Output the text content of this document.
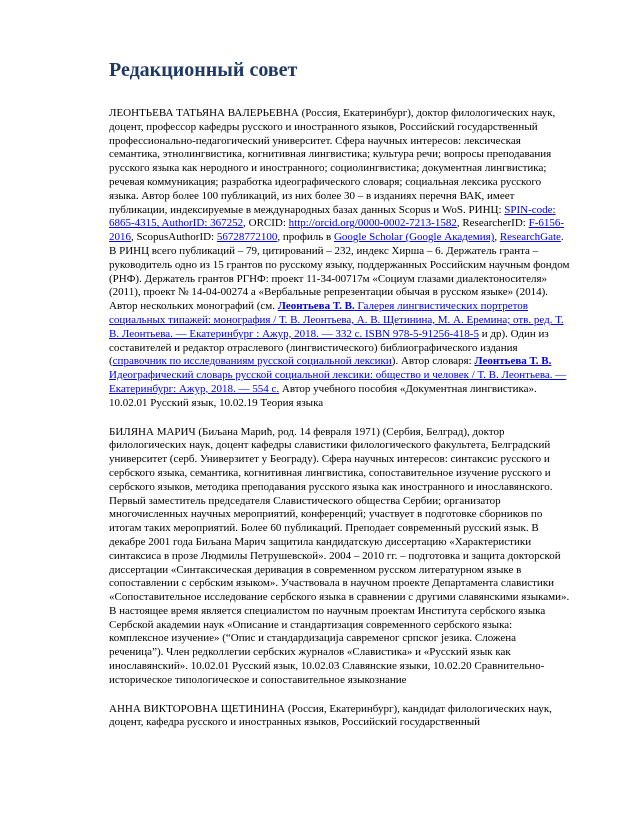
Редакционный совет

ЛЕОНТЬЕВА ТАТЬЯНА ВАЛЕРЬЕВНА (Россия, Екатеринбург), доктор филологических наук, доцент, профессор кафедры русского и иностранного языков, Российский государственный профессионально-педагогический университет. Сфера научных интересов: лексическая семантика, этнолингвистика, когнитивная лингвистика; культура речи; вопросы преподавания русского языка как неродного и иностранного; социолингвистика; документная лингвистика; речевая коммуникация; разработка идеографического словаря; социальная лексика русского языка. Автор более 100 публикаций, из них более 30 – в изданиях перечня ВАК, имеет публикации, индексируемые в международных базах данных Scopus и WoS. РИНЦ: SPIN-code: 6865-4315, AuthorID: 367252, ORCID: http://orcid.org/0000-0002-7213-1582, ResearcherID: F-6156-2016, ScopusAuthorID: 56728772100, профиль в Google Scholar (Google Академия), ResearchGate. В РИНЦ всего публикаций – 79, цитирований – 232, индекс Хирша – 6. Держатель гранта – руководитель одно из 15 грантов по русскому языку, поддержанных Российским научным фондом (РНФ). Держатель грантов РГНФ: проект 11-34-00717м «Социум глазами диалектоносителя» (2011), проект № 14-04-00274 а «Вербальные репрезентации обычая в русском языке» (2014). Автор нескольких монографий (см. Леонтьева Т. В. Галерея лингвистических портретов социальных типажей: монография / Т. В. Леонтьева, А. В. Щетинина, М. А. Еремина; отв. ред. Т. В. Леонтьева. — Екатеринбург : Ажур, 2018. — 332 с. ISBN 978-5-91256-418-5 и др). Один из составителей и редактор отраслевого (лингвистического) библиографического издания (справочник по исследованиям русской социальной лексики). Автор словаря: Леонтьева Т. В. Идеографический словарь русской социальной лексики: общество и человек / Т. В. Леонтьева. — Екатеринбург: Ажур, 2018. — 554 с. Автор учебного пособия «Документная лингвистика». 10.02.01 Русский язык, 10.02.19 Теория языка

БИЛЯНА МАРИЧ (Биљана Марић, род. 14 февраля 1971) (Сербия, Белград), доктор филологических наук, доцент кафедры славистики филологического факультета, Белградский университет (серб. Универзитет у Београду). Сфера научных интересов: синтаксис русского и сербского языка, семантика, когнитивная лингвистика, сопоставительное изучение русского и сербского языков, методика преподавания русского языка как иностранного и инославянского. Первый заместитель председателя Славистического общества Сербии; организатор многочисленных научных мероприятий, конференций; участвует в подготовке сборников по итогам таких мероприятий. Более 60 публикаций. Преподает современный русский язык. В декабре 2001 года Биљана Марич защитила кандидатскую диссертацию «Характеристики синтаксиса в прозе Людмилы Петрушевской». 2004 – 2010 гг. – подготовка и защита докторской диссертации «Синтаксическая деривация в современном русском литературном языке в сопоставлении с сербским языком». Участвовала в научном проекте Департамента славистики «Сопоставительное исследование сербского языка в сравнении с другими славянскими языками». В настоящее время является специалистом по научным проектам Института сербского языка Сербской академии наук «Описание и стандартизация современного сербского языка: комплексное изучение» (“Опис и стандардизација савременог српског језика. Сложена реченица”). Член редколлегии сербских журналов «Славистика» и «Русский язык как инославянский». 10.02.01 Русский язык, 10.02.03 Славянские языки, 10.02.20 Сравнительно-историческое типологическое и сопоставительное языкознание

АННА ВИКТОРОВНА ЩЕТИНИНА (Россия, Екатеринбург), кандидат филологических наук, доцент, кафедра русского и иностранных языков, Российский государственный
